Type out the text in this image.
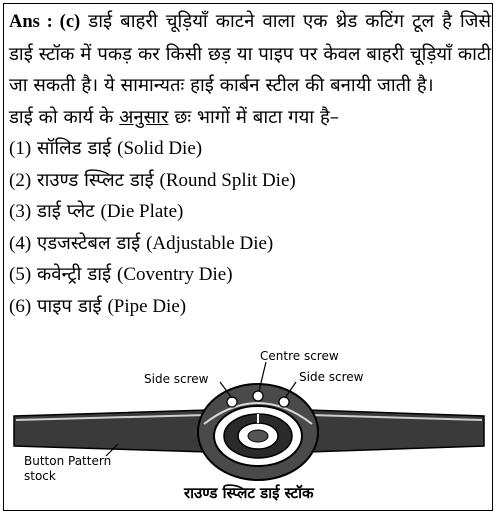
Ans : (c) डाई बाहरी चूड़ियाँ काटने वाला एक थ्रेड कटिंग टूल है जिसे डाई स्टॉक में पकड़ कर किसी छड़ या पाइप पर केवल बाहरी चूड़ियाँ काटी जा सकती है। ये सामान्यतः हाई कार्बन स्टील की बनायी जाती है।
डाई को कार्य के अनुसार छः भागों में बाटा गया है–
(1) सॉलिड डाई (Solid Die)
(2) राउण्ड स्प्लिट डाई (Round Split Die)
(3) डाई प्लेट (Die Plate)
(4) एडजस्टेबल डाई (Adjustable Die)
(5) कवेन्ट्री डाई (Coventry Die)
(6) पाइप डाई (Pipe Die)
Centre screw
Side screw	Side screw
Button Pattern
stock
राउण्ड स्प्लिट डाई स्टॉक
